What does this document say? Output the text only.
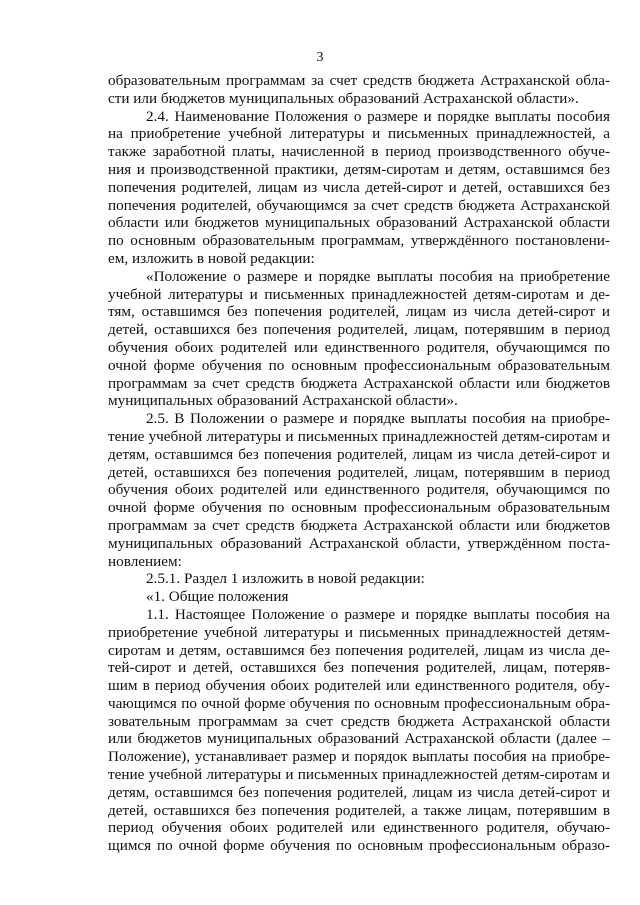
3
образовательным программам за счет средств бюджета Астраханской обла-
сти или бюджетов муниципальных образований Астраханской области».
2.4. Наименование Положения о размере и порядке выплаты пособия
на приобретение учебной литературы и письменных принадлежностей, а
также заработной платы, начисленной в период производственного обуче-
ния и производственной практики, детям-сиротам и детям, оставшимся без
попечения родителей, лицам из числа детей-сирот и детей, оставшихся без
попечения родителей, обучающимся за счет средств бюджета Астраханской
области или бюджетов муниципальных образований Астраханской области
по основным образовательным программам, утверждённого постановлени-
ем, изложить в новой редакции:
«Положение о размере и порядке выплаты пособия на приобретение
учебной литературы и письменных принадлежностей детям-сиротам и де-
тям, оставшимся без попечения родителей, лицам из числа детей-сирот и
детей, оставшихся без попечения родителей, лицам, потерявшим в период
обучения обоих родителей или единственного родителя, обучающимся по
очной форме обучения по основным профессиональным образовательным
программам за счет средств бюджета Астраханской области или бюджетов
муниципальных образований Астраханской области».
2.5. В Положении о размере и порядке выплаты пособия на приобре-
тение учебной литературы и письменных принадлежностей детям-сиротам и
детям, оставшимся без попечения родителей, лицам из числа детей-сирот и
детей, оставшихся без попечения родителей, лицам, потерявшим в период
обучения обоих родителей или единственного родителя, обучающимся по
очной форме обучения по основным профессиональным образовательным
программам за счет средств бюджета Астраханской области или бюджетов
муниципальных образований Астраханской области, утверждённом поста-
новлением:
2.5.1. Раздел 1 изложить в новой редакции:
«1. Общие положения
1.1. Настоящее Положение о размере и порядке выплаты пособия на
приобретение учебной литературы и письменных принадлежностей детям-
сиротам и детям, оставшимся без попечения родителей, лицам из числа де-
тей-сирот и детей, оставшихся без попечения родителей, лицам, потеряв-
шим в период обучения обоих родителей или единственного родителя, обу-
чающимся по очной форме обучения по основным профессиональным обра-
зовательным программам за счет средств бюджета Астраханской области
или бюджетов муниципальных образований Астраханской области (далее –
Положение), устанавливает размер и порядок выплаты пособия на приобре-
тение учебной литературы и письменных принадлежностей детям-сиротам и
детям, оставшимся без попечения родителей, лицам из числа детей-сирот и
детей, оставшихся без попечения родителей, а также лицам, потерявшим в
период обучения обоих родителей или единственного родителя, обучаю-
щимся по очной форме обучения по основным профессиональным образо-
